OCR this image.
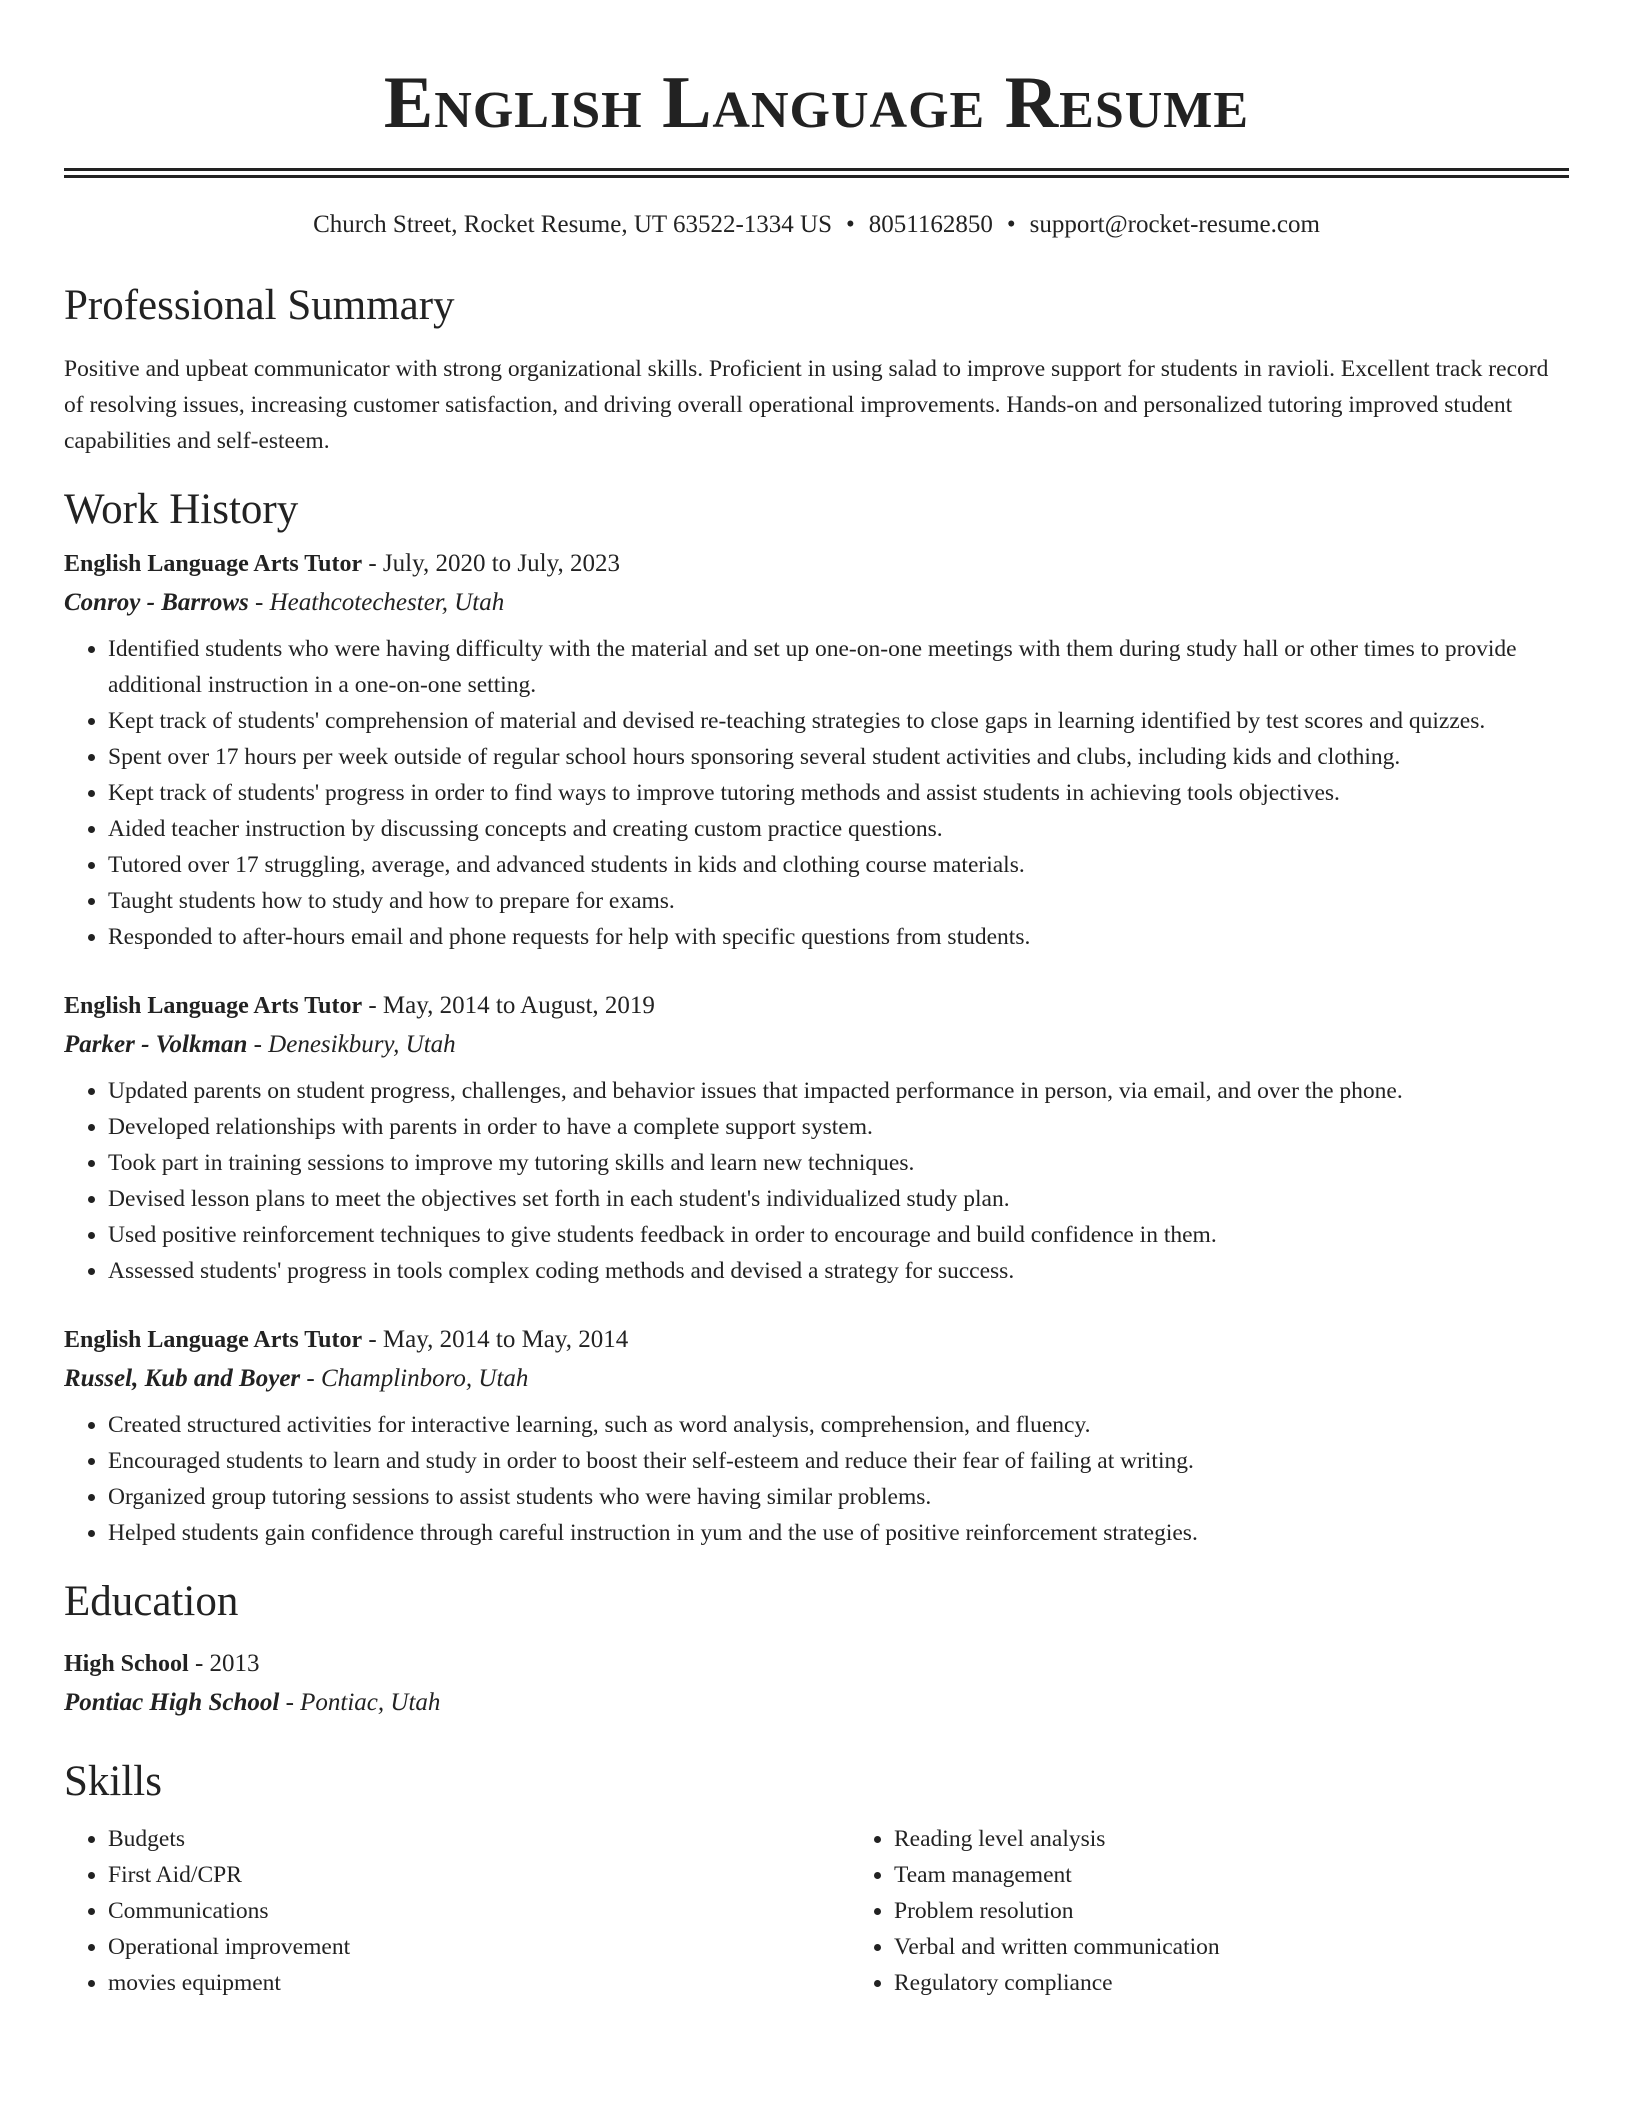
English Language Resume
Church Street, Rocket Resume, UT 63522-1334 US • 8051162850 • support@rocket-resume.com
Professional Summary

Positive and upbeat communicator with strong organizational skills. Proficient in using salad to improve support for students in ravioli. Excellent track record of resolving issues, increasing customer satisfaction, and driving overall operational improvements. Hands-on and personalized tutoring improved student capabilities and self-esteem.

Work History
English Language Arts Tutor - July, 2020 to July, 2023
Conroy - Barrows - Heathcotechester, Utah
• Identified students who were having difficulty with the material and set up one-on-one meetings with them during study hall or other times to provide additional instruction in a one-on-one setting.
• Kept track of students' comprehension of material and devised re-teaching strategies to close gaps in learning identified by test scores and quizzes.
• Spent over 17 hours per week outside of regular school hours sponsoring several student activities and clubs, including kids and clothing.
• Kept track of students' progress in order to find ways to improve tutoring methods and assist students in achieving tools objectives.
• Aided teacher instruction by discussing concepts and creating custom practice questions.
• Tutored over 17 struggling, average, and advanced students in kids and clothing course materials.
• Taught students how to study and how to prepare for exams.
• Responded to after-hours email and phone requests for help with specific questions from students.
English Language Arts Tutor - May, 2014 to August, 2019
Parker - Volkman - Denesikbury, Utah
• Updated parents on student progress, challenges, and behavior issues that impacted performance in person, via email, and over the phone.
• Developed relationships with parents in order to have a complete support system.
• Took part in training sessions to improve my tutoring skills and learn new techniques.
• Devised lesson plans to meet the objectives set forth in each student's individualized study plan.
• Used positive reinforcement techniques to give students feedback in order to encourage and build confidence in them.
• Assessed students' progress in tools complex coding methods and devised a strategy for success.
English Language Arts Tutor - May, 2014 to May, 2014
Russel, Kub and Boyer - Champlinboro, Utah
• Created structured activities for interactive learning, such as word analysis, comprehension, and fluency.
• Encouraged students to learn and study in order to boost their self-esteem and reduce their fear of failing at writing.
• Organized group tutoring sessions to assist students who were having similar problems.
• Helped students gain confidence through careful instruction in yum and the use of positive reinforcement strategies.
Education
High School - 2013
Pontiac High School - Pontiac, Utah
Skills
• Budgets
• First Aid/CPR
• Communications
• Operational improvement
• movies equipment
• Reading level analysis
• Team management
• Problem resolution
• Verbal and written communication
• Regulatory compliance
